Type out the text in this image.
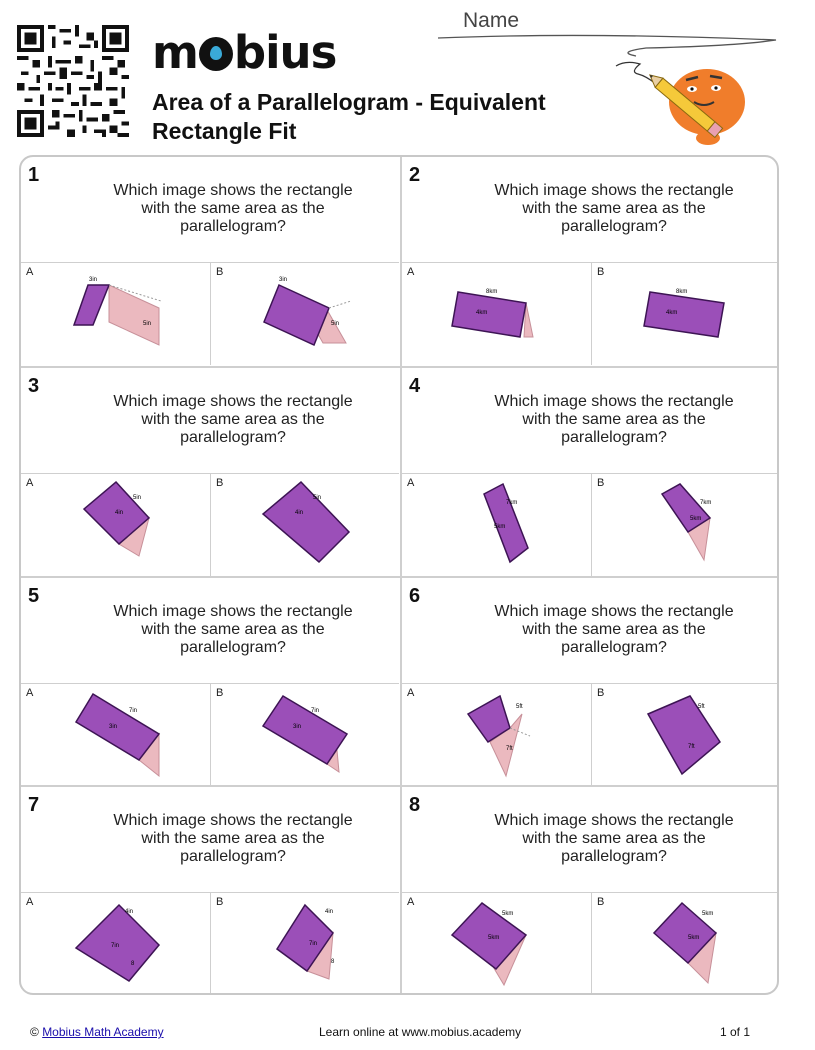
m bius
Area of a Parallelogram - Equivalent
Rectangle Fit
Name
1
Which image shows the rectangle
with the same area as the
parallelogram?
A
3in
5in
B
3in
5in
2
Which image shows the rectangle
with the same area as the
parallelogram?
A
8km
4km
B
8km
4km
3
Which image shows the rectangle
with the same area as the
parallelogram?
A
5in
4in
B
5in
4in
4
Which image shows the rectangle
with the same area as the
parallelogram?
A
7km
5km
B
7km
5km
5
Which image shows the rectangle
with the same area as the
parallelogram?
A
7in
3in
B
7in
3in
6
Which image shows the rectangle
with the same area as the
parallelogram?
A
5ft
7ft
B
5ft
7ft
7
Which image shows the rectangle
with the same area as the
parallelogram?
A
4in
7in
8
B
4in
7in
8
8
Which image shows the rectangle
with the same area as the
parallelogram?
A
5km
5km
B
5km
5km
© Mobius Math Academy	Learn online at www.mobius.academy	1 of 1
